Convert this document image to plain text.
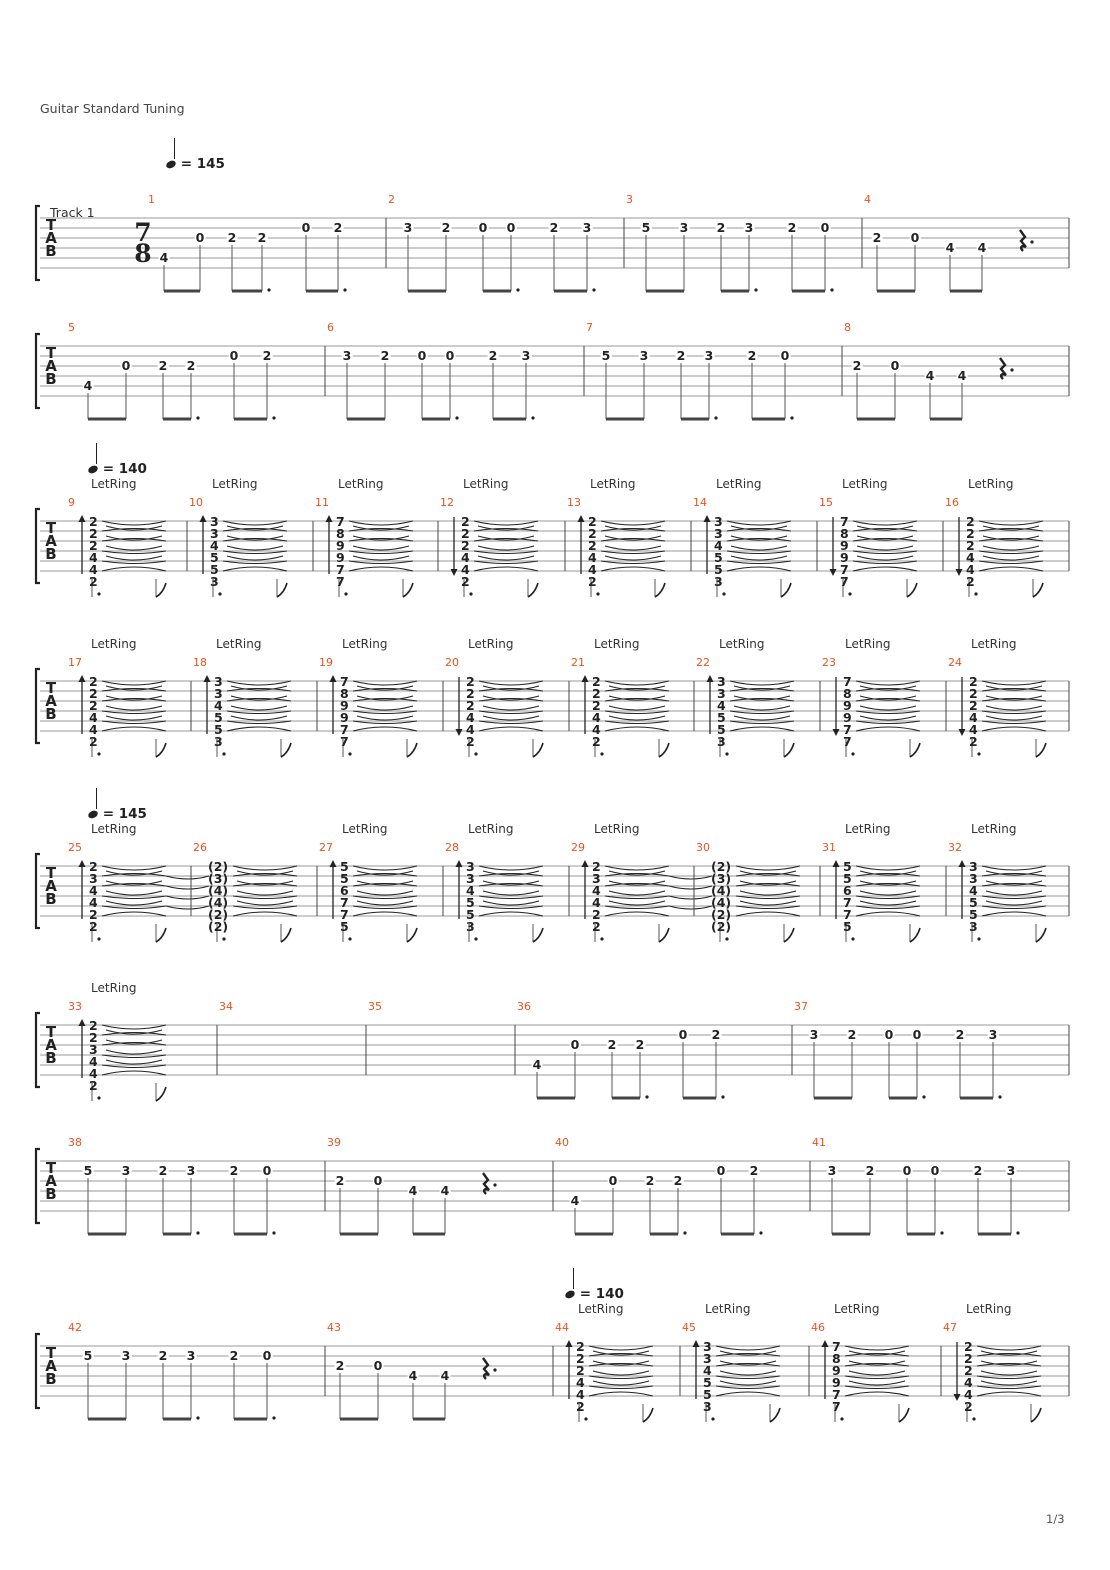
Guitar Standard Tuning
1/3
T
A
B
Track 1
7
8
= 145
1
4
0 2 2
0 2
2
3 2 0 0	2 3
3
5 3 2 3	2 0
4
2 0
4 4
T
A
B
5
4
0 2 2
0 2
6
3 2 0 0	2 3
7
5 3 2 3	2 0
8
2 0
4 4
T
A
B
= 140
9
2
2
2
4
4
2
LetRing
10
3
3
4
5
5
3
LetRing
11
7
8
9
9
7
7
LetRing
12
2
2
2
4
4
2
LetRing
13
2
2
2
4
4
2
LetRing
14
3
3
4
5
5
3
LetRing
15
7
8
9
9
7
7
LetRing
16
2
2
2
4
4
2
LetRing
T
A
B
17
2
2
2
4
4
2
LetRing
18
3
3
4
5
5
3
LetRing
19
7
8
9
9
7
7
LetRing
20
2
2
2
4
4
2
LetRing
21
2
2
2
4
4
2
LetRing
22
3
3
4
5
5
3
LetRing
23
7
8
9
9
7
7
LetRing
24
2
2
2
4
4
2
LetRing
T
A
B
= 145
25
2
3
4
4
2
2
LetRing
26
(2)
(3)
(4)
(4)
(2)
(2)
27
5
5
6
7
7
5
LetRing
28
3
3
4
5
5
3
LetRing
29
2
3
4
4
2
2
LetRing
30
(2)
(3)
(4)
(4)
(2)
(2)
31
5
5
6
7
7
5
LetRing
32
3
3
4
5
5
3
LetRing
T
A
B
33
2
2
3
4
4
2
LetRing
34	35	36
4
0 2 2
0 2
37
3 2 0 0	2 3
T
A
B
38
5 3 2 3	2 0
39
2 0
4 4
40
4
0 2 2
0 2
41
3 2 0 0	2 3
T
A
B
= 140
42
5 3 2 3	2 0
43
2 0
4 4
44
2
2
2
4
4
2
LetRing
45
3
3
4
5
5
3
LetRing
46
7
8
9
9
7
7
LetRing
47
2
2
2
4
4
2
LetRing
